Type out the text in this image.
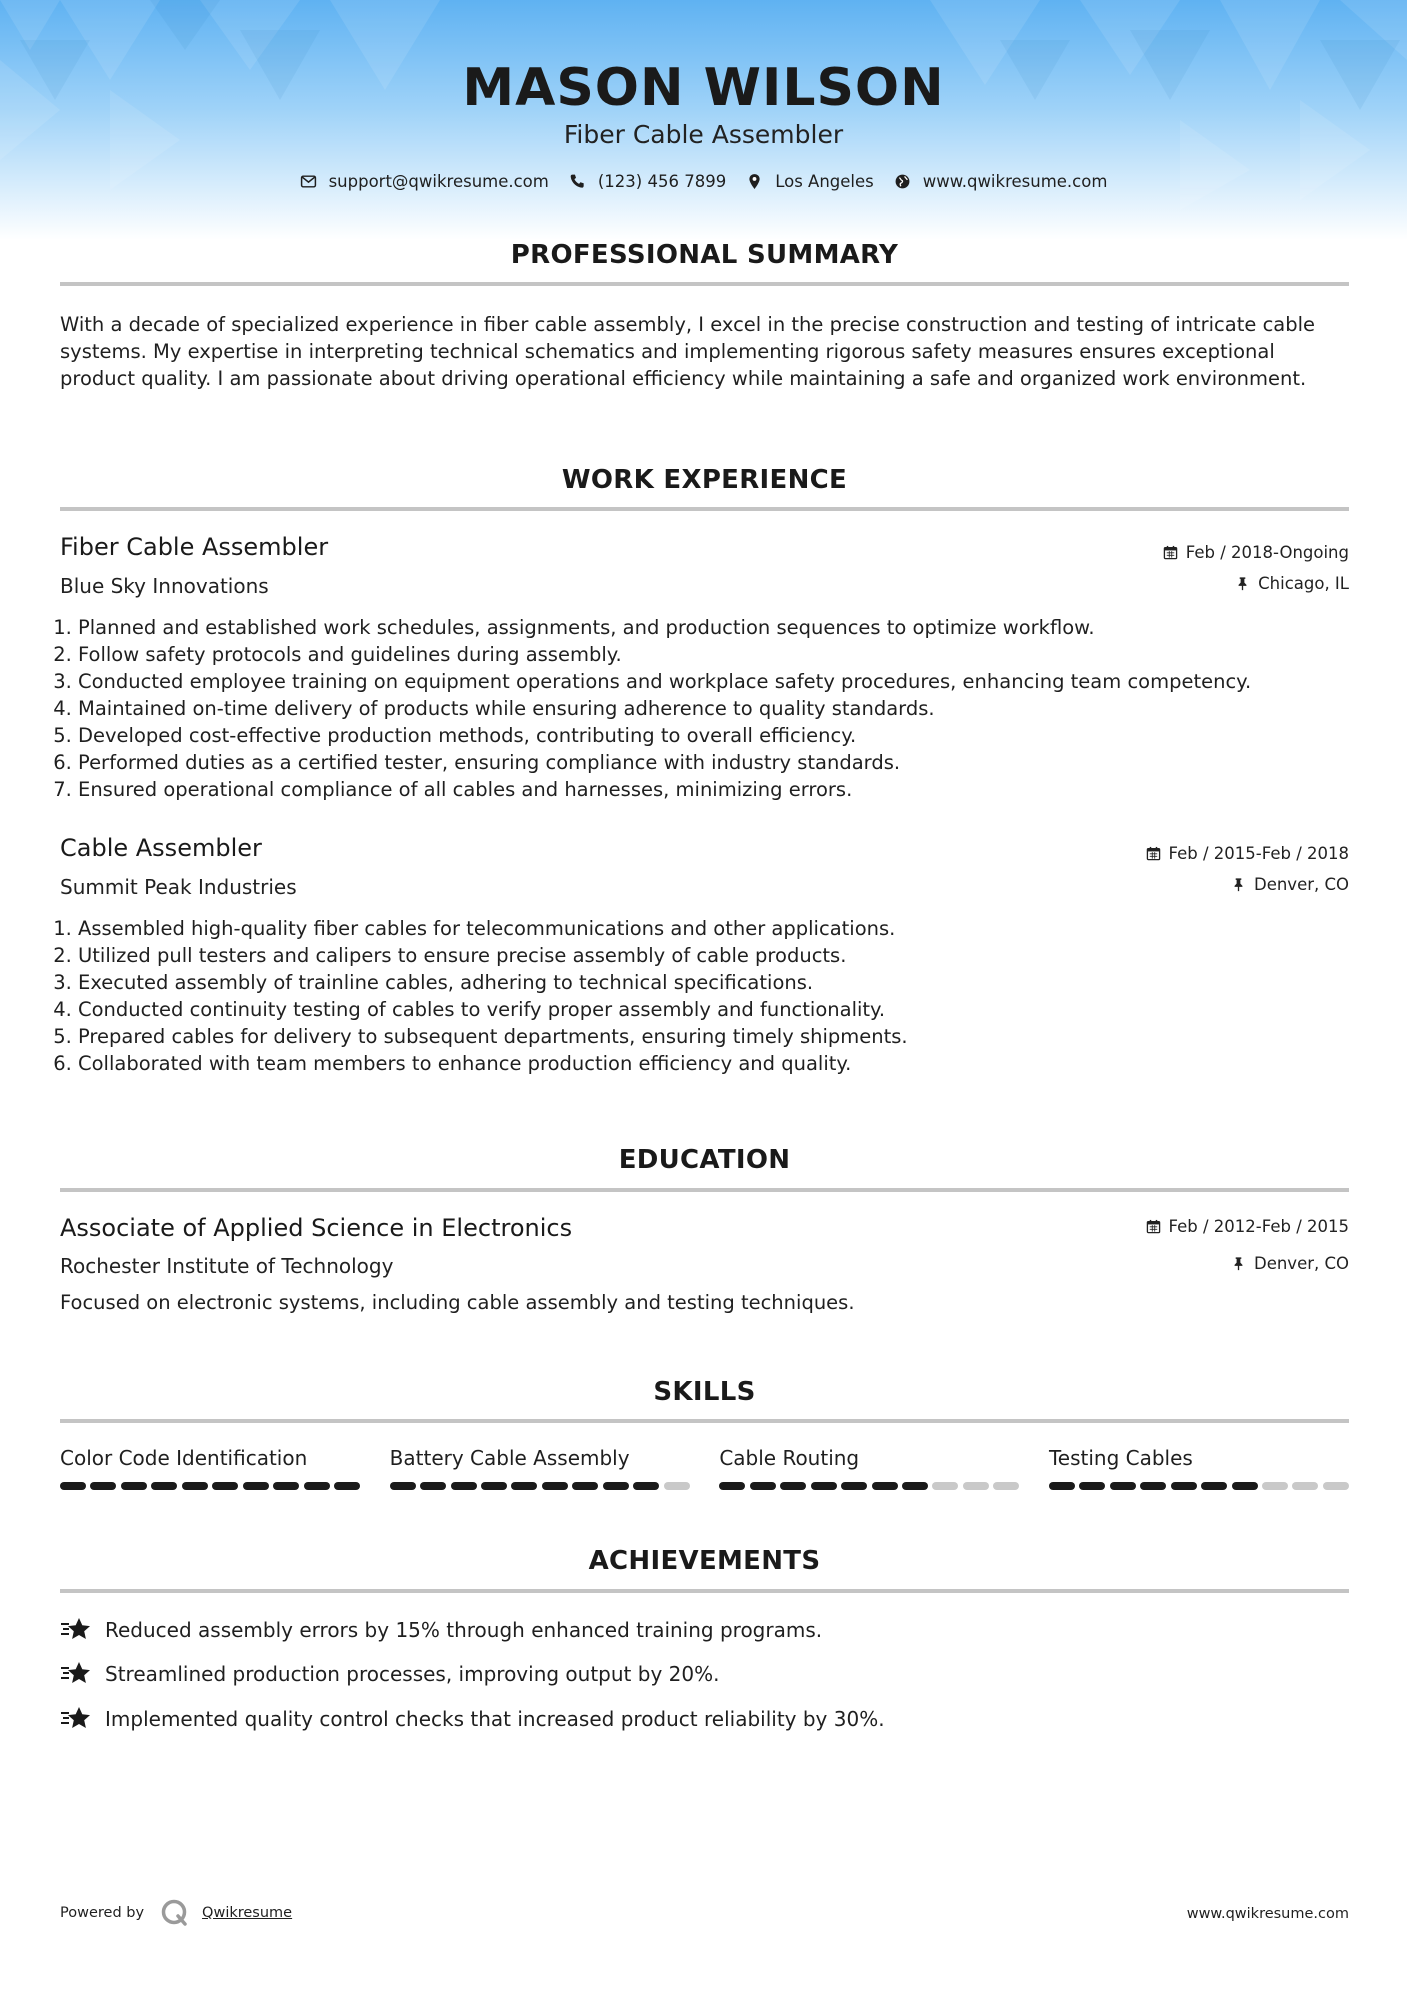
MASON WILSON
Fiber Cable Assembler
support@qwikresume.com	(123) 456 7899	Los Angeles	www.qwikresume.com
PROFESSIONAL SUMMARY
With a decade of specialized experience in fiber cable assembly, I excel in the precise construction and testing of intricate cable systems. My expertise in interpreting technical schematics and implementing rigorous safety measures ensures exceptional product quality. I am passionate about driving operational efficiency while maintaining a safe and organized work environment.
WORK EXPERIENCE
Fiber Cable Assembler
Blue Sky Innovations
Feb / 2018-Ongoing
Chicago, IL
1. Planned and established work schedules, assignments, and production sequences to optimize workflow.
2. Follow safety protocols and guidelines during assembly.
3. Conducted employee training on equipment operations and workplace safety procedures, enhancing team competency.
4. Maintained on-time delivery of products while ensuring adherence to quality standards.
5. Developed cost-effective production methods, contributing to overall efficiency.
6. Performed duties as a certified tester, ensuring compliance with industry standards.
7. Ensured operational compliance of all cables and harnesses, minimizing errors.
Cable Assembler
Summit Peak Industries
Feb / 2015-Feb / 2018
Denver, CO
1. Assembled high-quality fiber cables for telecommunications and other applications.
2. Utilized pull testers and calipers to ensure precise assembly of cable products.
3. Executed assembly of trainline cables, adhering to technical specifications.
4. Conducted continuity testing of cables to verify proper assembly and functionality.
5. Prepared cables for delivery to subsequent departments, ensuring timely shipments.
6. Collaborated with team members to enhance production efficiency and quality.
EDUCATION
Associate of Applied Science in Electronics
Rochester Institute of Technology
Focused on electronic systems, including cable assembly and testing techniques.
Feb / 2012-Feb / 2015
Denver, CO
SKILLS
Color Code Identification	Battery Cable Assembly	Cable Routing	Testing Cables
ACHIEVEMENTS
Reduced assembly errors by 15% through enhanced training programs.
Streamlined production processes, improving output by 20%.
Implemented quality control checks that increased product reliability by 30%.
Powered by	Qwikresume	www.qwikresume.com
